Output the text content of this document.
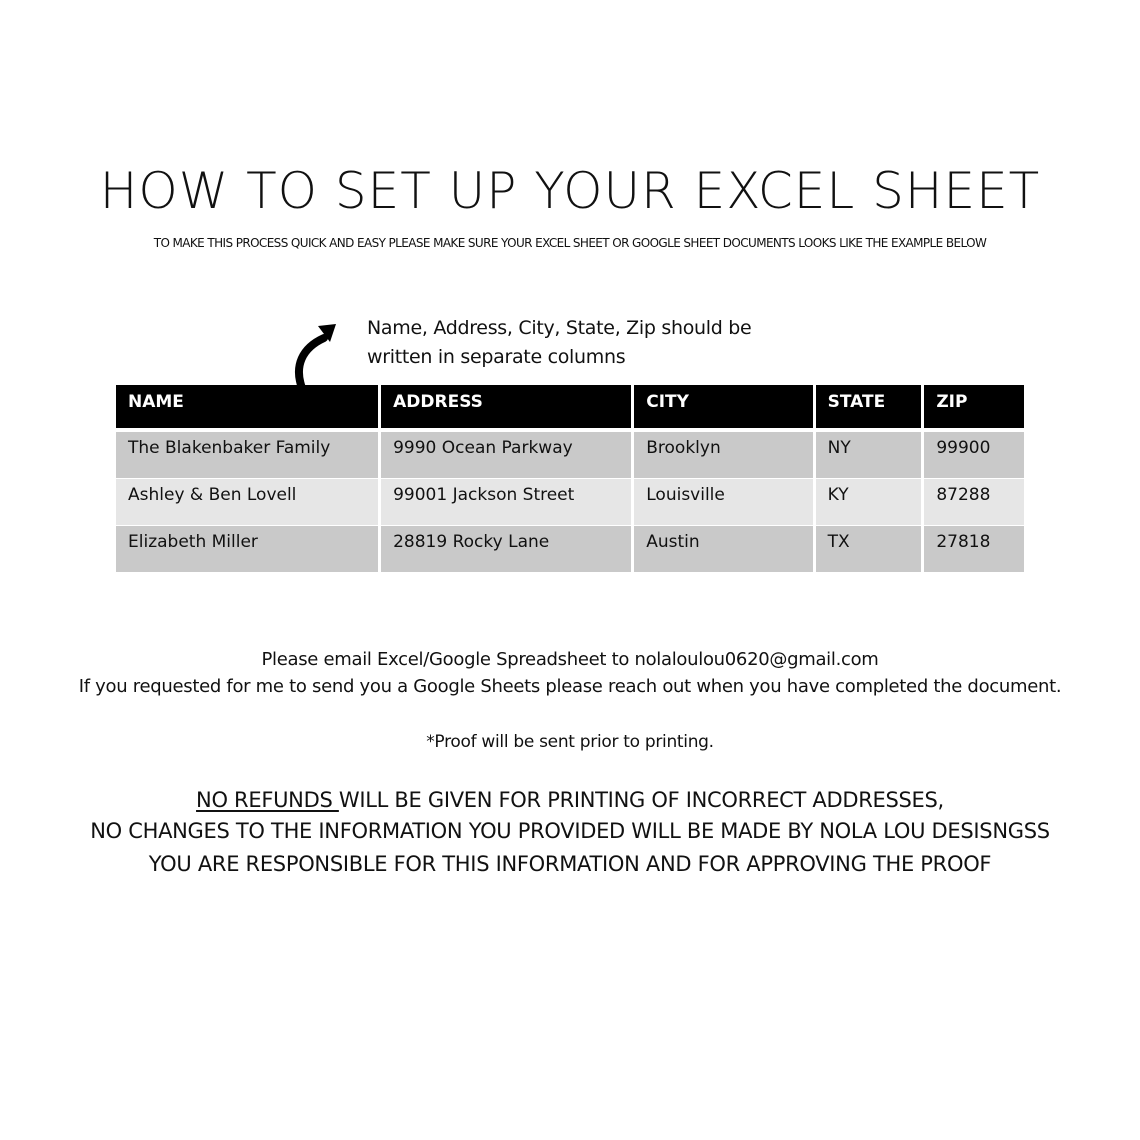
HOW TO SET UP YOUR EXCEL SHEET
TO MAKE THIS PROCESS QUICK AND EASY PLEASE MAKE SURE YOUR EXCEL SHEET OR GOOGLE SHEET DOCUMENTS LOOKS LIKE THE EXAMPLE BELOW
Name, Address, City, State, Zip should be
written in separate columns
NAME	ADDRESS	CITY	STATE	ZIP
The Blakenbaker Family	9990 Ocean Parkway	Brooklyn	NY	99900
Ashley & Ben Lovell	99001 Jackson Street	Louisville	KY	87288
Elizabeth Miller	28819 Rocky Lane	Austin	TX	27818
Please email Excel/Google Spreadsheet to nolaloulou0620@gmail.com
If you requested for me to send you a Google Sheets please reach out when you have completed the document.
*Proof will be sent prior to printing.
NO REFUNDS WILL BE GIVEN FOR PRINTING OF INCORRECT ADDRESSES,
NO CHANGES TO THE INFORMATION YOU PROVIDED WILL BE MADE BY NOLA LOU DESISNGSS
YOU ARE RESPONSIBLE FOR THIS INFORMATION AND FOR APPROVING THE PROOF
